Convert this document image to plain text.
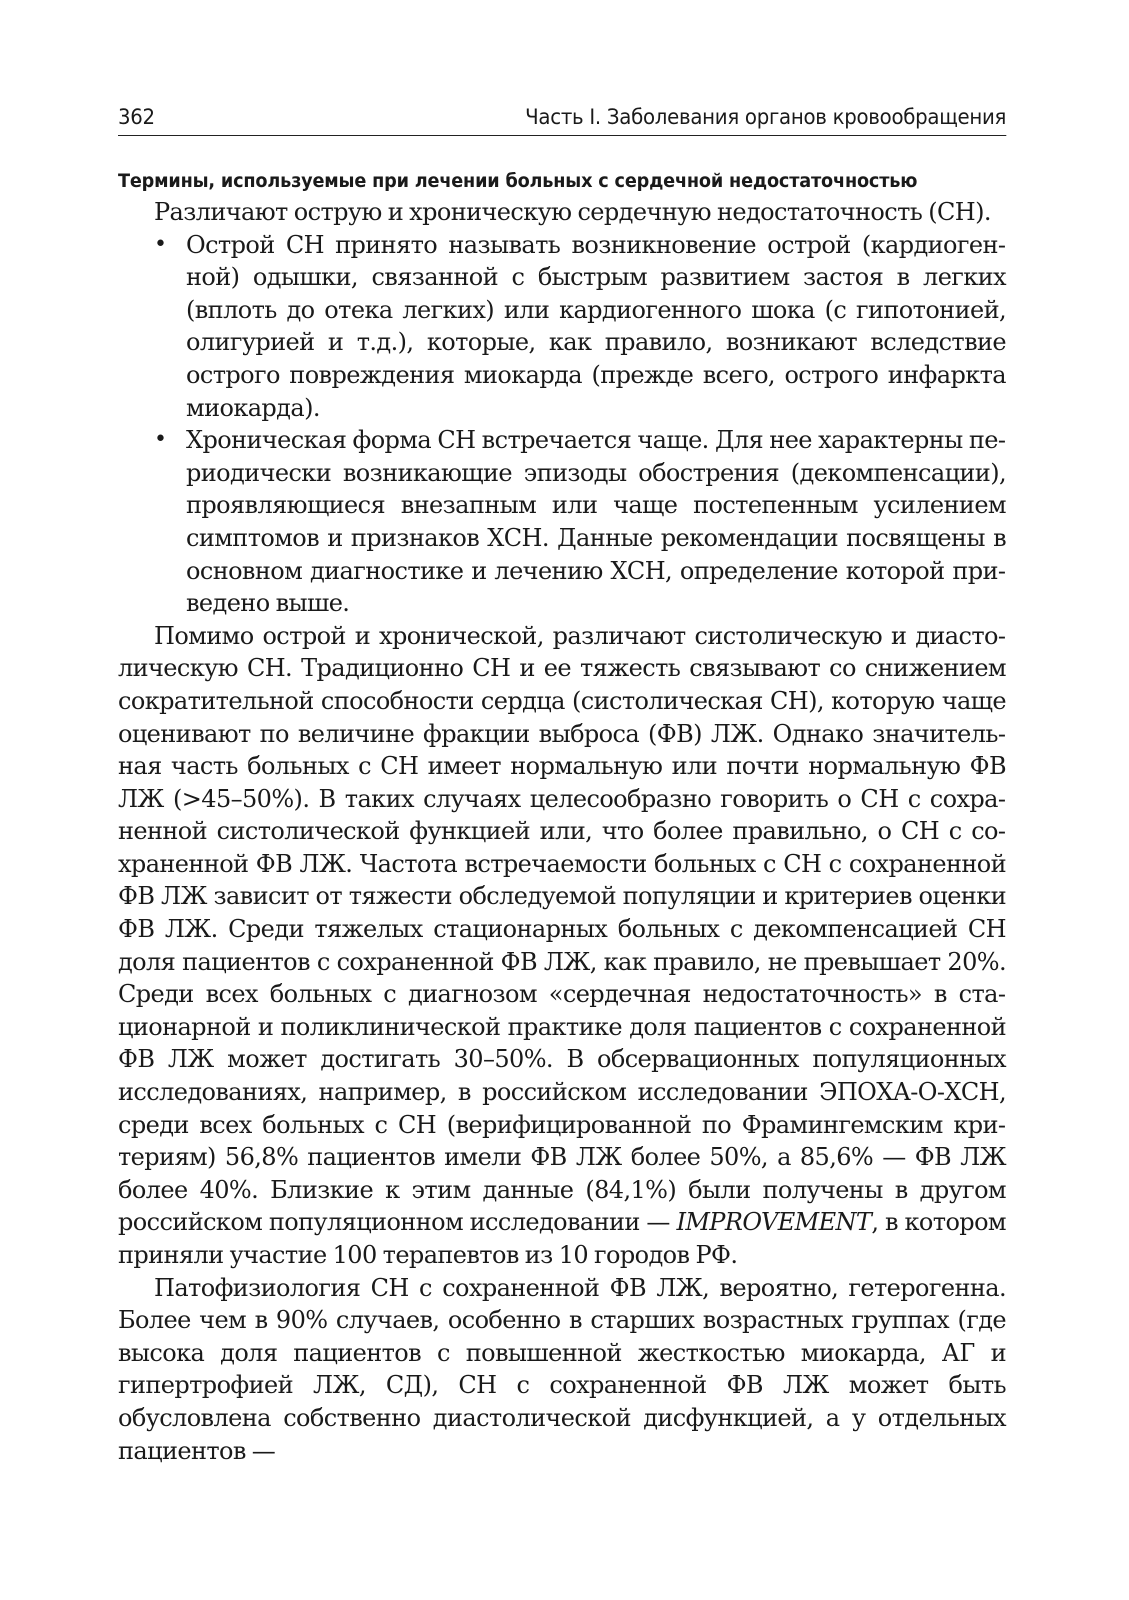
362	Часть I. Заболевания органов кровообращения
Термины, используемые при лечении больных с сердечной недостаточностью

Различают острую и хроническую сердечную недостаточность (СН).

• Острой СН принято называть возникновение острой (кардиогенной) одышки, связанной с быстрым развитием застоя в легких (вплоть до отека легких) или кардиогенного шока (с гипотонией, олигурией и т.д.), которые, как правило, возникают вследствие острого повреждения миокарда (прежде всего, острого инфаркта миокарда).
• Хроническая форма СН встречается чаще. Для нее характерны периодически возникающие эпизоды обострения (декомпенсации), проявляющиеся внезапным или чаще постепенным усилением симптомов и признаков ХСН. Данные рекомендации посвящены в основном диагностике и лечению ХСН, определение которой приведено выше.

Помимо острой и хронической, различают систолическую и диастолическую СН. Традиционно СН и ее тяжесть связывают со снижением сократительной способности сердца (систолическая СН), которую чаще оценивают по величине фракции выброса (ФВ) ЛЖ. Однако значительная часть больных с СН имеет нормальную или почти нормальную ФВ ЛЖ (>45–50%). В таких случаях целесообразно говорить о СН с сохраненной систолической функцией или, что более правильно, о СН с сохраненной ФВ ЛЖ. Частота встречаемости больных с СН с сохраненной ФВ ЛЖ зависит от тяжести обследуемой популяции и критериев оценки ФВ ЛЖ. Среди тяжелых стационарных больных с декомпенсацией СН доля пациентов с сохраненной ФВ ЛЖ, как правило, не превышает 20%. Среди всех больных с диагнозом «сердечная недостаточность» в стационарной и поликлинической практике доля пациентов с сохраненной ФВ ЛЖ может достигать 30–50%. В обсервационных популяционных исследованиях, например, в российском исследовании ЭПОХА-О-ХСН, среди всех больных с СН (верифицированной по Фрамингемским критериям) 56,8% пациентов имели ФВ ЛЖ более 50%, а 85,6% — ФВ ЛЖ более 40%. Близкие к этим данные (84,1%) были получены в другом российском популяционном исследовании — IMPROVEMENT, в котором приняли участие 100 терапевтов из 10 городов РФ.

Патофизиология СН с сохраненной ФВ ЛЖ, вероятно, гетерогенна. Более чем в 90% случаев, особенно в старших возрастных группах (где высока доля пациентов с повышенной жесткостью миокарда, АГ и гипертрофией ЛЖ, СД), СН с сохраненной ФВ ЛЖ может быть обусловлена собственно диастолической дисфункцией, а у отдельных пациентов —
